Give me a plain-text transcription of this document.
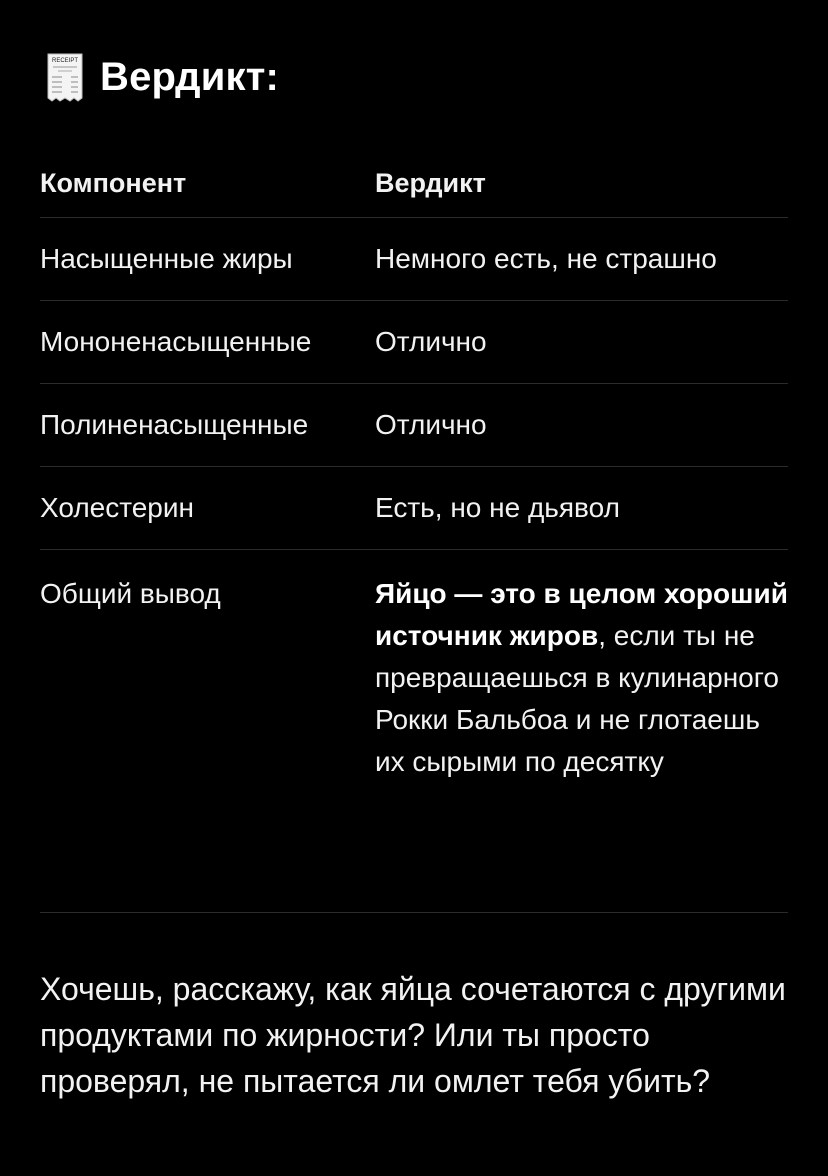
RECEIPT Вердикт:
Компонент	Вердикт
Насыщенные жиры	Немного есть, не страшно
Мононенасыщенные	Отлично
Полиненасыщенные	Отлично
Холестерин	Есть, но не дьявол
Общий вывод	Яйцо — это в целом хороший источник жиров, если ты не превращаешься в кулинарного Рокки Бальбоа и не глотаешь их сырыми по десятку
Хочешь, расскажу, как яйца сочетаются с другими продуктами по жирности? Или ты просто проверял, не пытается ли омлет тебя убить?
